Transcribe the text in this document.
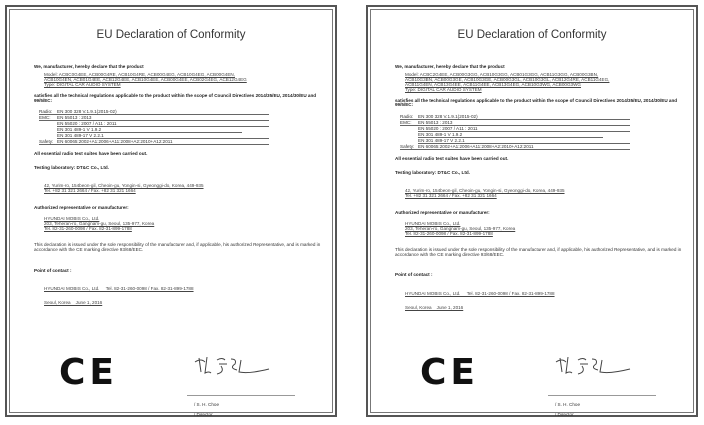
EU Declaration of Conformity
We, manufacturer, hereby declare that the product
Model: ACBC0G4EE, ACB00G4RE, ACB10G4RE, ACB00G4EG, ACB10G4EG, ACB00G4EN,
ACB10G4EN, ACB01G4EE, ACB12G4EE, ACB10G4EE, ACB00G4EE, ACB02G4EG, ACB12G4EG
Type: DIGITAL CAR AUDIO SYSTEM
satisfies all the technical regulations applicable to the product within the scope of Council Directives 2014/35/EU, 2014/30/EU and 99/5/EC:
Radio: EN 300 328 V.1.9.1(2015-02)
EMC: EN 55013 : 2013
EN 55020 : 2007 / A11 : 2011
EN 301 489-1 V 1.9.2
EN 301 489-17 V 2.2.1
Safety: EN 60065:2002+A1:2006+A11:2008+A2:2010+A12:2011
All essential radio test suites have been carried out.
Testing laboratory: DT&C Co., Ltd.
42, Yurim-ro, 154beon-gil, Cheoin-gu, Yongin-si, Gyeonggi-do, Korea, 449-935
Tel. +82 31 321 2664 / Fax. +82 31 321 1664
Authorized representative or manufacturer:
HYUNDAI MOBIS Co., Ltd.
203, Teheran-ro, Gangnam-gu, Seoul, 135-977, Korea
Tel. 82-31-260-0098 / Fax. 82-31-899-1788
This declaration is issued under the sole responsibility of the manufacturer and, if applicable, his authorized Representative, and is marked in accordance with the CE marking directive 93/68/EEC.
Point of contact :
HYUNDAI MOBIS Co., Ltd.     Tel. 82-31-260-0098 / Fax. 82-31-899-1788
Seoul, Korea    June 1, 2016
CE
/ S. H. Choe
/ Director
EU Declaration of Conformity
We, manufacturer, hereby declare that the product
Model: ACBC2G4EE, ACB00G3GG, ACB10G3GG, ACB01G3GG, ACB11G3GG, ACB00G3BN,
ACB10G3BN, ACB00G3GE, ACB10G3GE, ACB00G3GL, ACB10G3GL, ACB12G4RE, ACB11G4EG,
ACB11G4EN, ACB13G4EE, ACB11G4EE, ACB13G4EG, ACB10G3WG, ACB00G3WG
Type: DIGITAL CAR AUDIO SYSTEM
satisfies all the technical regulations applicable to the product within the scope of Council Directives 2014/35/EU, 2014/30/EU and 99/5/EC:
Radio: EN 300 328 V.1.9.1(2015-02)
EMC: EN 55013 : 2013
EN 55020 : 2007 / A11 : 2011
EN 301 489-1 V 1.9.2
EN 301 489-17 V 2.2.1
Safety: EN 60065:2002+A1:2006+A11:2008+A2:2010+A12:2011
All essential radio test suites have been carried out.
Testing laboratory: DT&C Co., Ltd.
42, Yurim-ro, 154beon-gil, Cheoin-gu, Yongin-si, Gyeonggi-do, Korea, 449-935
Tel. +82 31 321 2664 / Fax. +82 31 321 1664
Authorized representative or manufacturer:
HYUNDAI MOBIS Co., Ltd.
203, Teheran-ro, Gangnam-gu, Seoul, 135-977, Korea
Tel. 82-31-260-0098 / Fax. 82-31-899-1788
This declaration is issued under the sole responsibility of the manufacturer and, if applicable, his authorized Representative, and is marked in accordance with the CE marking directive 93/68/EEC.
Point of contact :
HYUNDAI MOBIS Co., Ltd.     Tel. 82-31-260-0098 / Fax. 82-31-899-1788
Seoul, Korea    June 1, 2016
CE
/ S. H. Choe
/ Director
